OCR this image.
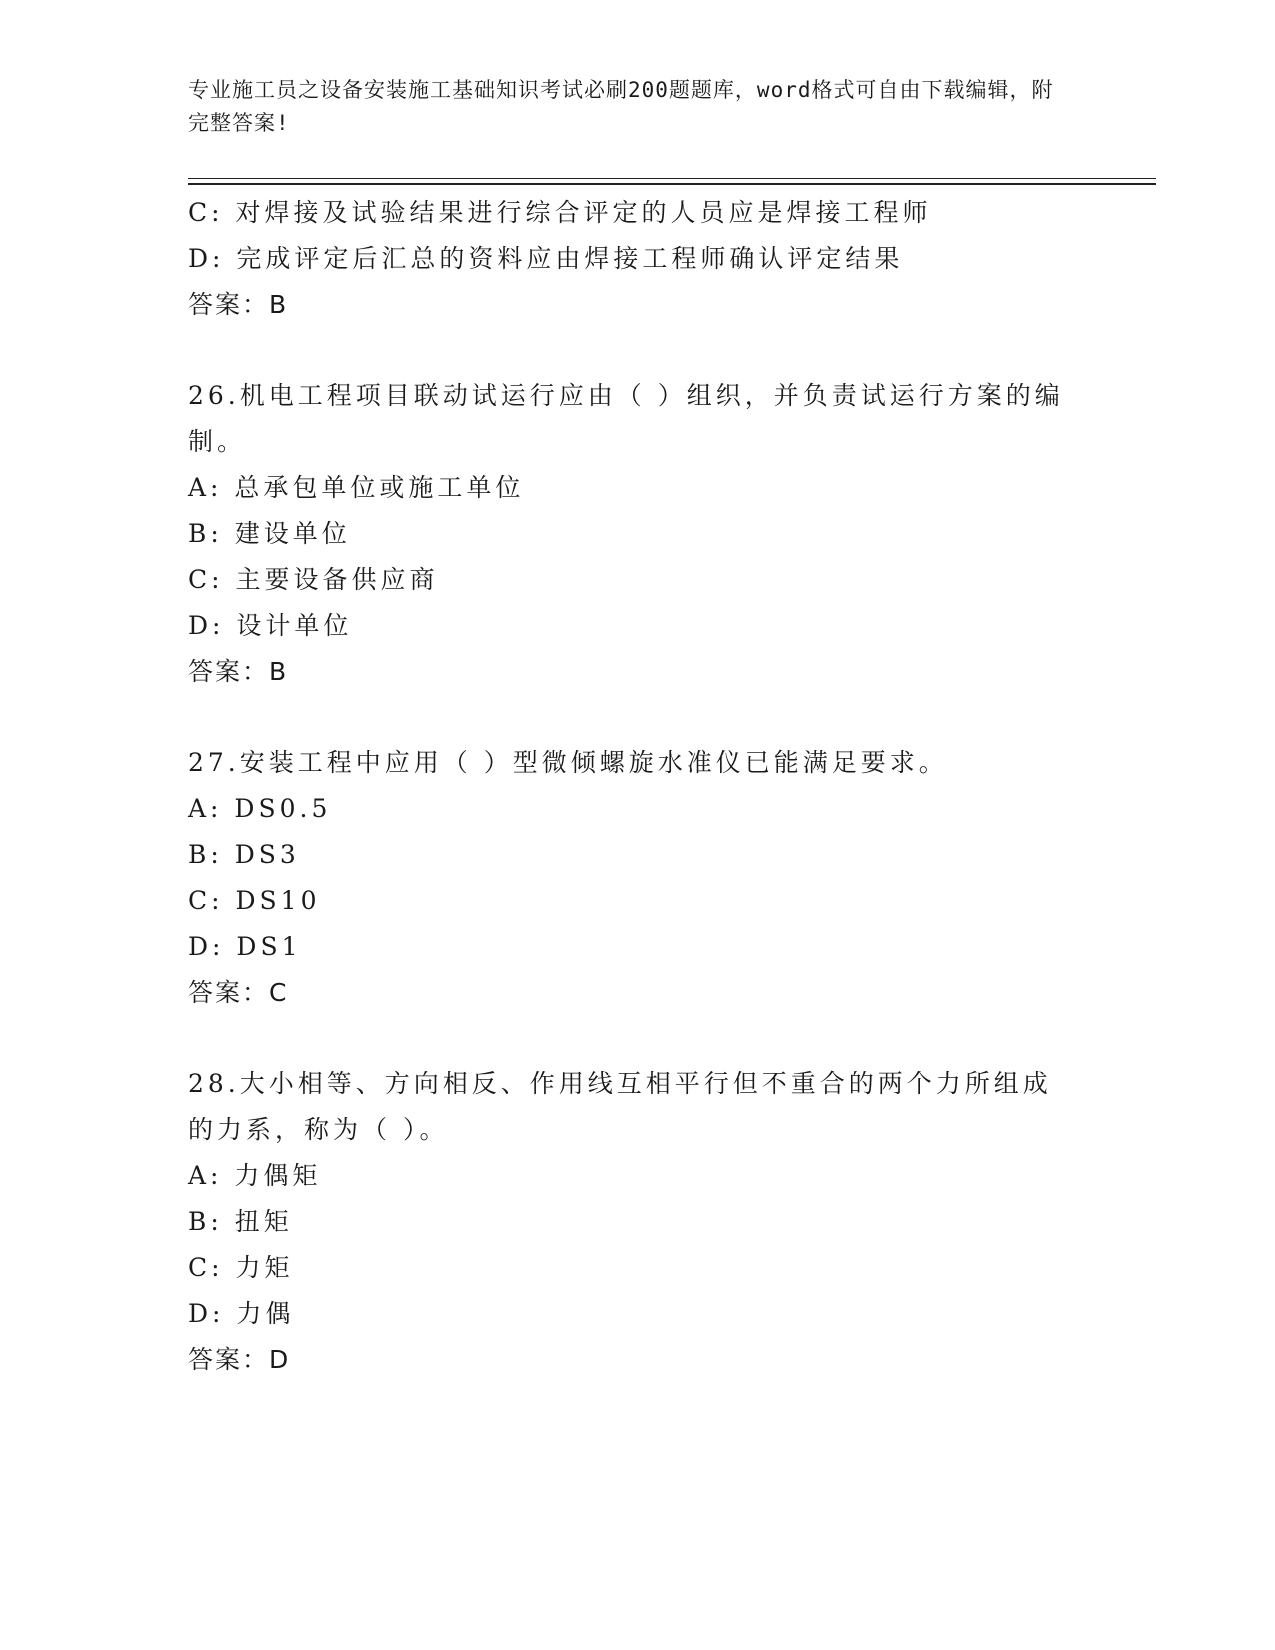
专业施工员之设备安装施工基础知识考试必刷200题题库，word格式可自由下载编辑，附完整答案!
C: 对焊接及试验结果进行综合评定的人员应是焊接工程师
D: 完成评定后汇总的资料应由焊接工程师确认评定结果
答案：B
26.机电工程项目联动试运行应由（ ）组织，并负责试运行方案的编制。
A: 总承包单位或施工单位
B: 建设单位
C: 主要设备供应商
D: 设计单位
答案：B
27.安装工程中应用（ ）型微倾螺旋水准仪已能满足要求。
A: DS0.5
B: DS3
C: DS10
D: DS1
答案：C
28.大小相等、方向相反、作用线互相平行但不重合的两个力所组成的力系，称为（ ）。
A: 力偶矩
B: 扭矩
C: 力矩
D: 力偶
答案：D
